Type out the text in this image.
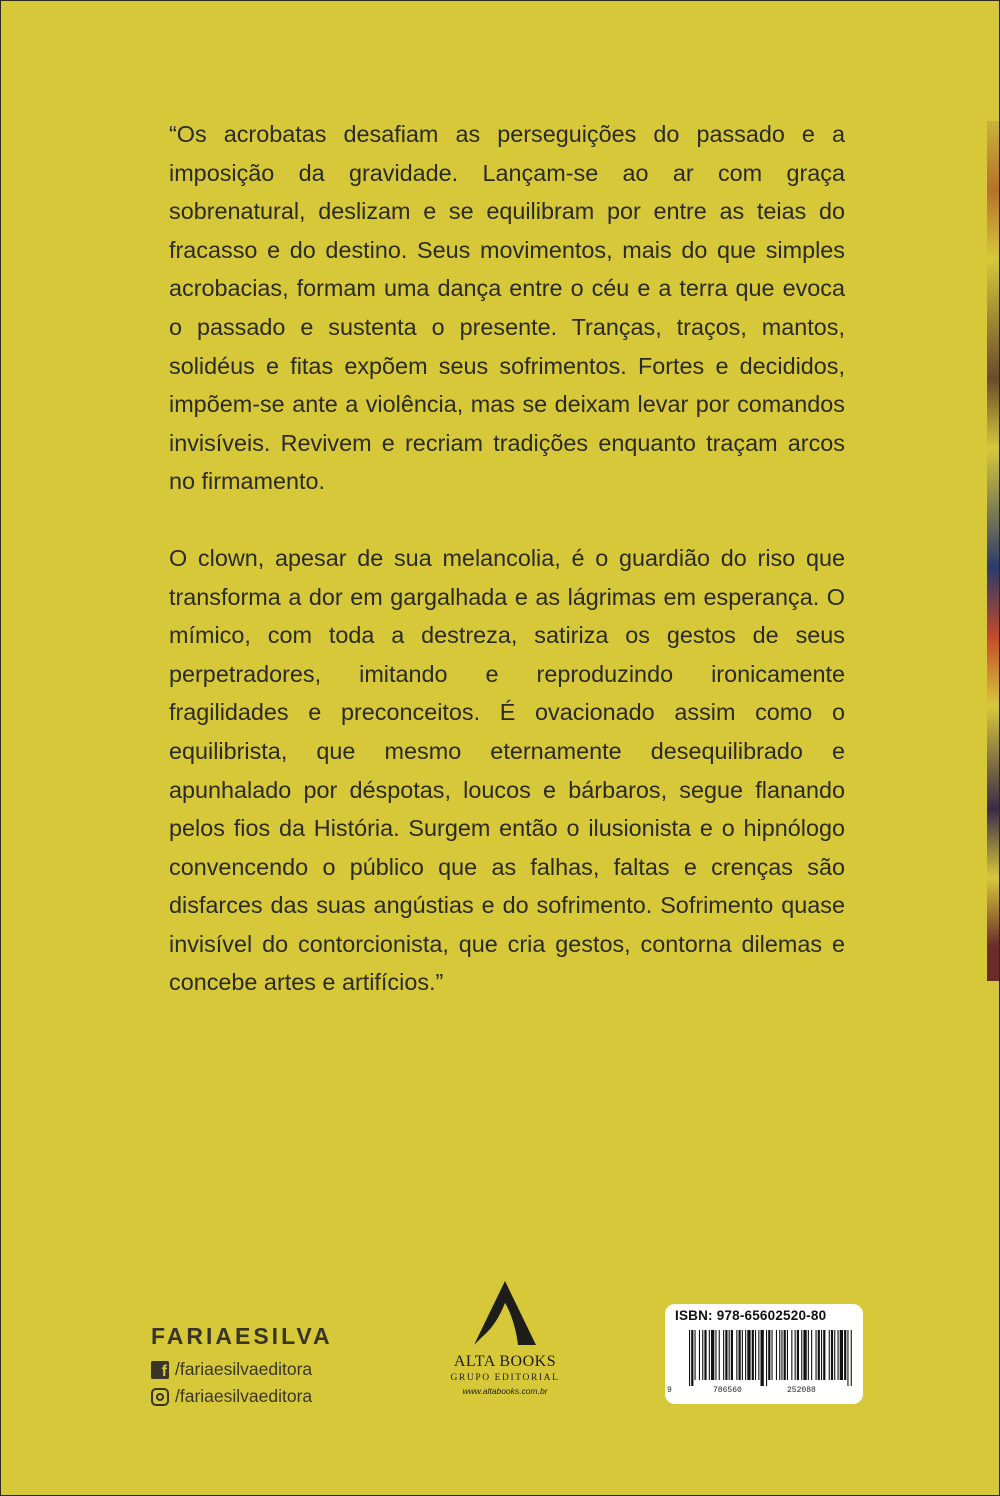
“Os acrobatas desafiam as perseguições do passado e a imposição da gravidade. Lançam-se ao ar com graça sobrenatural, deslizam e se equilibram por entre as teias do fracasso e do destino. Seus movimentos, mais do que simples acrobacias, formam uma dança entre o céu e a terra que evoca o passado e sustenta o presente. Tranças, traços, mantos, solidéus e fitas expõem seus sofrimentos. Fortes e decididos, impõem-se ante a violência, mas se deixam levar por comandos invisíveis. Revivem e recriam tradições enquanto traçam arcos no firmamento.

O clown, apesar de sua melancolia, é o guardião do riso que transforma a dor em gargalhada e as lágrimas em esperança. O mímico, com toda a destreza, satiriza os gestos de seus perpetradores, imitando e reproduzindo ironicamente fragilidades e preconceitos. É ovacionado assim como o equilibrista, que mesmo eternamente desequilibrado e apunhalado por déspotas, loucos e bárbaros, segue flanando pelos fios da História. Surgem então o ilusionista e o hipnólogo convencendo o público que as falhas, faltas e crenças são disfarces das suas angústias e do sofrimento. Sofrimento quase invisível do contorcionista, que cria gestos, contorna dilemas e concebe artes e artifícios.”

FARIAESILVA
f
/fariaesilvaeditora
/fariaesilvaeditora
ALTA BOOKS
GRUPO EDITORIAL
www.altabooks.com.br
ISBN: 978-65602520-80
9	786560	252088
